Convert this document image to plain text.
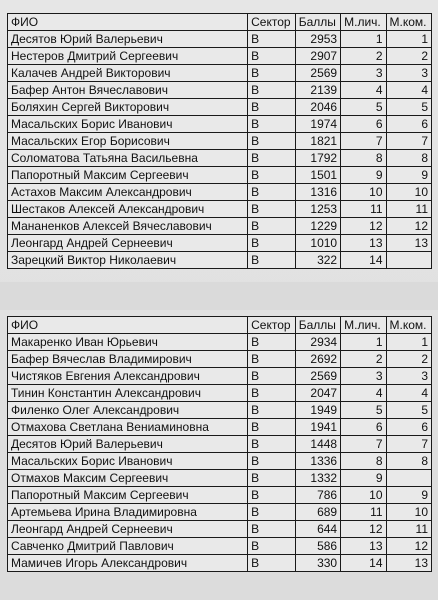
ФИО	Сектор	Баллы	М.лич.	М.ком.
Десятов Юрий Валерьевич	В	2953	1	1
Нестеров Дмитрий Сергеевич	В	2907	2	2
Калачев Андрей Викторович	В	2569	3	3
Бафер Антон Вячеславович	В	2139	4	4
Боляхин Сергей Викторович	В	2046	5	5
Масальских Борис Иванович	В	1974	6	6
Масальских Егор Борисович	В	1821	7	7
Соломатова Татьяна Васильевна	В	1792	8	8
Папоротный Максим Сергеевич	В	1501	9	9
Астахов Максим Александрович	В	1316	10	10
Шестаков Алексей Александрович	В	1253	11	11
Мананенков Алексей Вячеславович	В	1229	12	12
Леонгард Андрей Сернеевич	В	1010	13	13
Зарецкий Виктор Николаевич	В	322	14	
ФИО	Сектор	Баллы	М.лич.	М.ком.
Макаренко Иван Юрьевич	В	2934	1	1
Бафер Вячеслав Владимирович	В	2692	2	2
Чистяков Евгения Александрович	В	2569	3	3
Тинин Константин Александрович	В	2047	4	4
Филенко Олег Александрович	В	1949	5	5
Отмахова Светлана Вениаминовна	В	1941	6	6
Десятов Юрий Валерьевич	В	1448	7	7
Масальских Борис Иванович	В	1336	8	8
Отмахов Максим Сергеевич	В	1332	9	
Папоротный Максим Сергеевич	В	786	10	9
Артемьева Ирина Владимировна	В	689	11	10
Леонгард Андрей Сернеевич	В	644	12	11
Савченко Дмитрий Павлович	В	586	13	12
Мамичев Игорь Александрович	В	330	14	13
